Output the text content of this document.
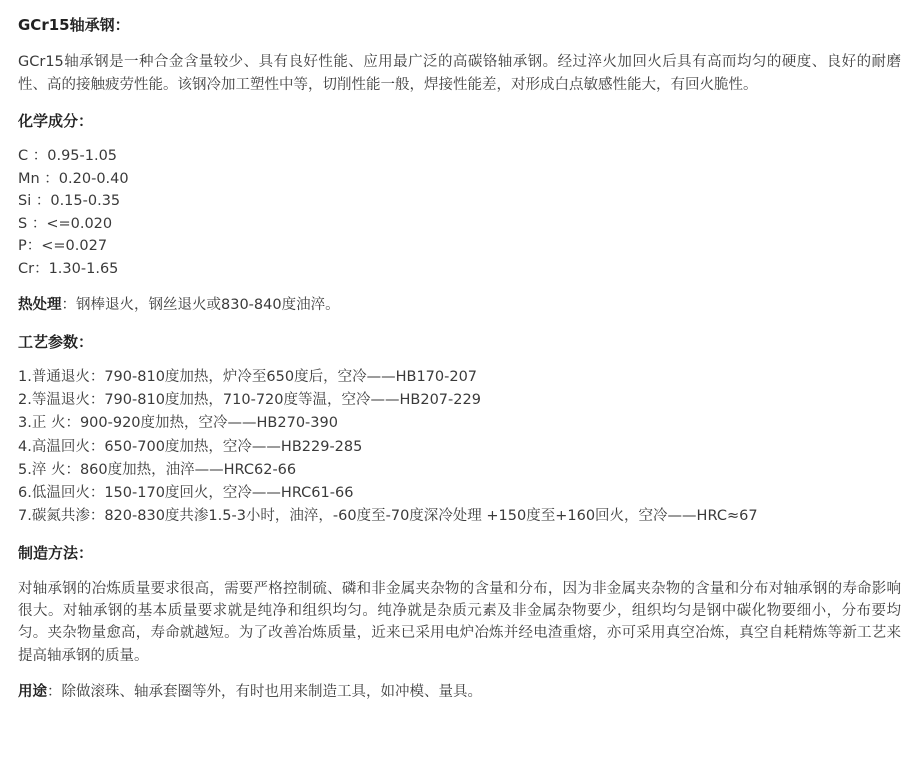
GCr15轴承钢：

GCr15轴承钢是一种合金含量较少、具有良好性能、应用最广泛的高碳铬轴承钢。经过淬火加回火后具有高而均匀的硬度、良好的耐磨性、高的接触疲劳性能。该钢冷加工塑性中等，切削性能一般，焊接性能差，对形成白点敏感性能大，有回火脆性。

化学成分：

C ：0.95-1.05

Mn ：0.20-0.40

Si ：0.15-0.35

S ：<=0.020

P：<=0.027

Cr：1.30-1.65

热处理：钢棒退火，钢丝退火或830-840度油淬。

工艺参数：

1.普通退火：790-810度加热，炉冷至650度后，空冷——HB170-207

2.等温退火：790-810度加热，710-720度等温，空冷——HB207-229

3.正 火：900-920度加热，空冷——HB270-390

4.高温回火：650-700度加热，空冷——HB229-285

5.淬 火：860度加热，油淬——HRC62-66

6.低温回火：150-170度回火，空冷——HRC61-66

7.碳氮共渗：820-830度共渗1.5-3小时，油淬，-60度至-70度深冷处理 +150度至+160回火，空冷——HRC≈67

制造方法：

对轴承钢的冶炼质量要求很高，需要严格控制硫、磷和非金属夹杂物的含量和分布，因为非金属夹杂物的含量和分布对轴承钢的寿命影响很大。对轴承钢的基本质量要求就是纯净和组织均匀。纯净就是杂质元素及非金属杂物要少，组织均匀是钢中碳化物要细小，分布要均匀。夹杂物量愈高，寿命就越短。为了改善冶炼质量，近来已采用电炉冶炼并经电渣重熔，亦可采用真空冶炼，真空自耗精炼等新工艺来提高轴承钢的质量。

用途：除做滚珠、轴承套圈等外，有时也用来制造工具，如冲模、量具。
